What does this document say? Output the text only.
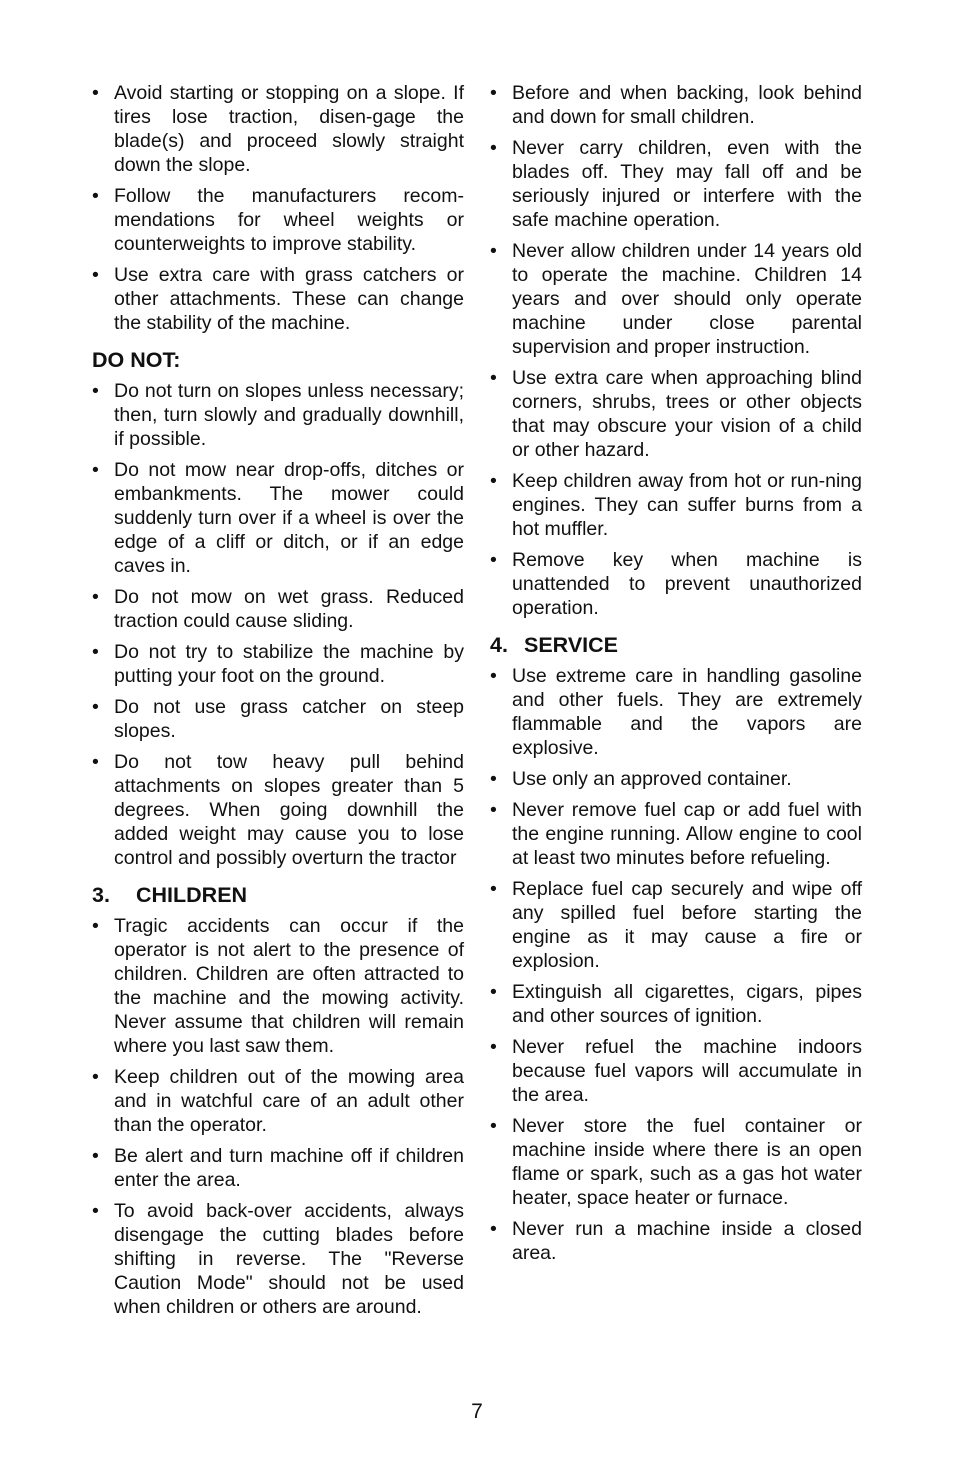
• Avoid starting or stopping on a slope. If tires lose traction, disen-gage the blade(s) and proceed slowly straight down the slope.
• Follow the manufacturers recom-mendations for wheel weights or counterweights to improve stability.
• Use extra care with grass catchers or other attachments. These can change the stability of the machine.
DO NOT:
• Do not turn on slopes unless necessary; then, turn slowly and gradually downhill, if possible.
• Do not mow near drop-offs, ditches or embankments. The mower could suddenly turn over if a wheel is over the edge of a cliff or ditch, or if an edge caves in.
• Do not mow on wet grass. Reduced traction could cause sliding.
• Do not try to stabilize the machine by putting your foot on the ground.
• Do not use grass catcher on steep slopes.
• Do not tow heavy pull behind attachments on slopes greater than 5 degrees. When going downhill the added weight may cause you to lose control and possibly overturn the tractor
3. CHILDREN
• Tragic accidents can occur if the operator is not alert to the presence of children. Children are often attracted to the machine and the mowing activity. Never assume that children will remain where you last saw them.
• Keep children out of the mowing area and in watchful care of an adult other than the operator.
• Be alert and turn machine off if children enter the area.
• To avoid back-over accidents, always disengage the cutting blades before shifting in reverse. The "Reverse Caution Mode" should not be used when children or others are around.
• Before and when backing, look behind and down for small children.
• Never carry children, even with the blades off. They may fall off and be seriously injured or interfere with the safe machine operation.
• Never allow children under 14 years old to operate the machine. Children 14 years and over should only operate machine under close parental supervision and proper instruction.
• Use extra care when approaching blind corners, shrubs, trees or other objects that may obscure your vision of a child or other hazard.
• Keep children away from hot or run-ning engines. They can suffer burns from a hot muffler.
• Remove key when machine is unattended to prevent unauthorized operation.
4. SERVICE
• Use extreme care in handling gasoline and other fuels. They are extremely flammable and the vapors are explosive.
• Use only an approved container.
• Never remove fuel cap or add fuel with the engine running. Allow engine to cool at least two minutes before refueling.
• Replace fuel cap securely and wipe off any spilled fuel before starting the engine as it may cause a fire or explosion.
• Extinguish all cigarettes, cigars, pipes and other sources of ignition.
• Never refuel the machine indoors because fuel vapors will accumulate in the area.
• Never store the fuel container or machine inside where there is an open flame or spark, such as a gas hot water heater, space heater or furnace.
• Never run a machine inside a closed area.
7
